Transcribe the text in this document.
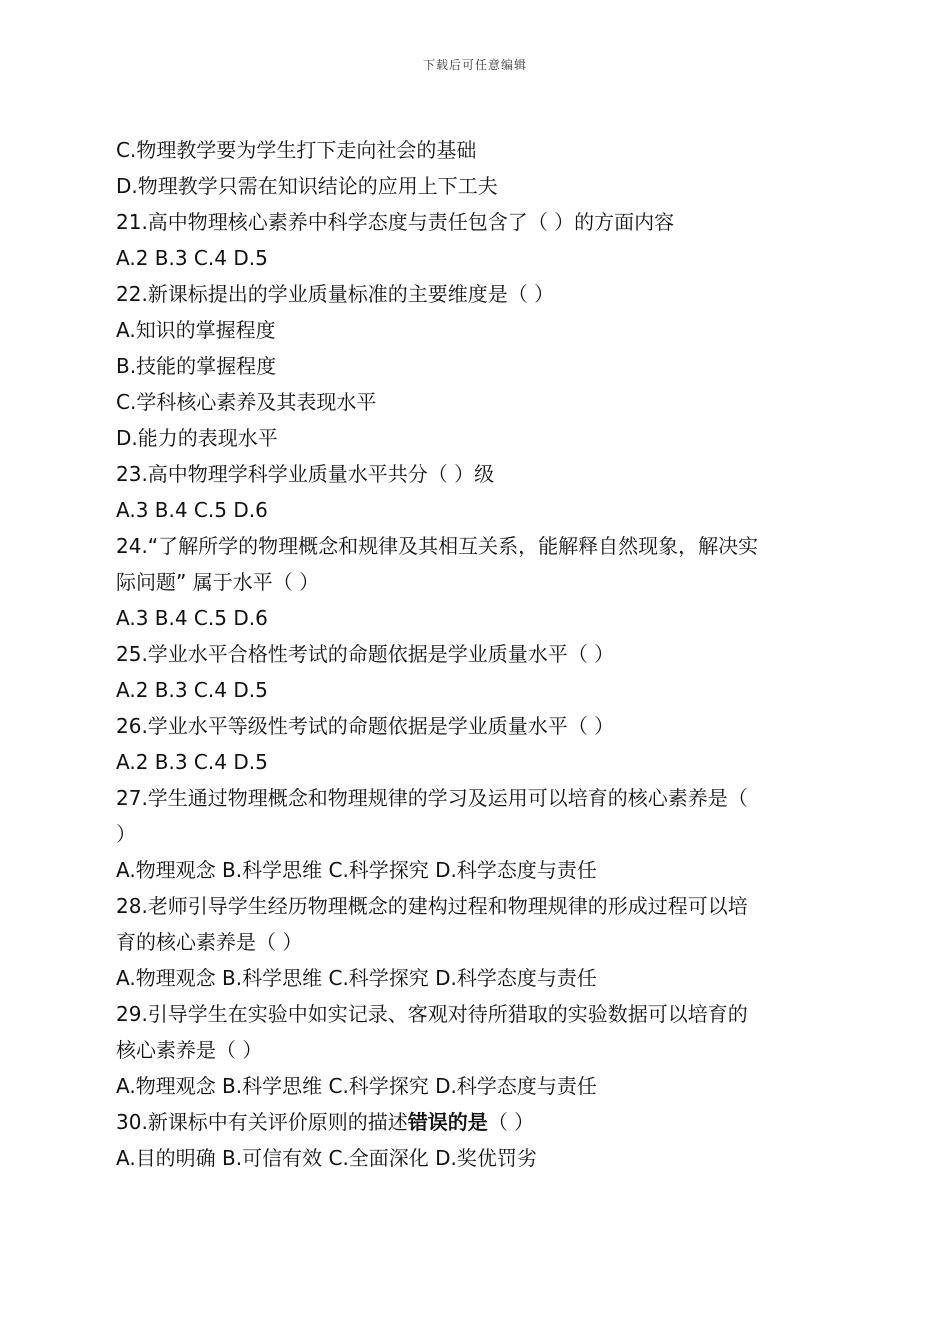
下载后可任意编辑
C.物理教学要为学生打下走向社会的基础
D.物理教学只需在知识结论的应用上下工夫
21.高中物理核心素养中科学态度与责任包含了（ ）的方面内容
A.2 B.3 C.4 D.5
22.新课标提出的学业质量标准的主要维度是（ ）
A.知识的掌握程度
B.技能的掌握程度
C.学科核心素养及其表现水平
D.能力的表现水平
23.高中物理学科学业质量水平共分（ ）级
A.3 B.4 C.5 D.6
24.“了解所学的物理概念和规律及其相互关系，能解释自然现象，解决实
际问题” 属于水平（ ）
A.3 B.4 C.5 D.6
25.学业水平合格性考试的命题依据是学业质量水平（ ）
A.2 B.3 C.4 D.5
26.学业水平等级性考试的命题依据是学业质量水平（ ）
A.2 B.3 C.4 D.5
27.学生通过物理概念和物理规律的学习及运用可以培育的核心素养是（
）
A.物理观念 B.科学思维 C.科学探究 D.科学态度与责任
28.老师引导学生经历物理概念的建构过程和物理规律的形成过程可以培
育的核心素养是（ ）
A.物理观念 B.科学思维 C.科学探究 D.科学态度与责任
29.引导学生在实验中如实记录、客观对待所猎取的实验数据可以培育的
核心素养是（ ）
A.物理观念 B.科学思维 C.科学探究 D.科学态度与责任
30.新课标中有关评价原则的描述错误的是（ ）
A.目的明确 B.可信有效 C.全面深化 D.奖优罚劣
